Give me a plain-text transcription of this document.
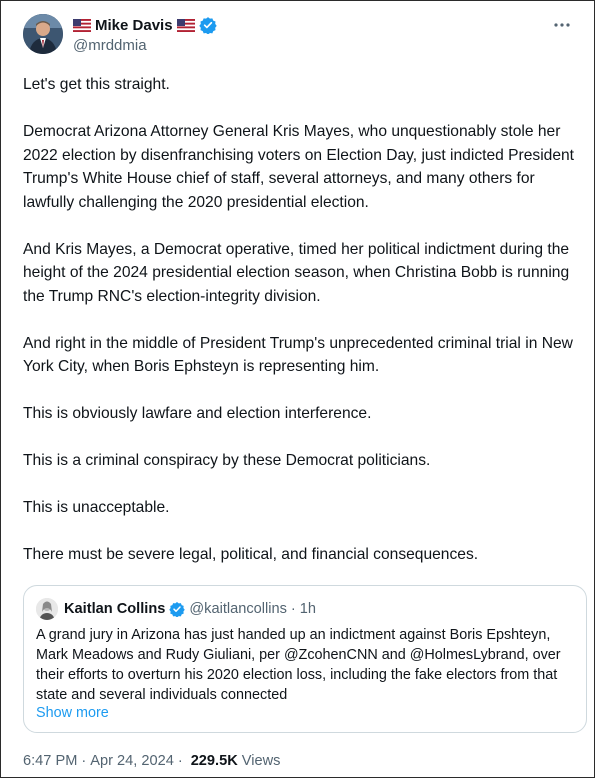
Mike Davis
@mrddmia

Let's get this straight.

Democrat Arizona Attorney General Kris Mayes, who unquestionably stole her 2022 election by disenfranchising voters on Election Day, just indicted President Trump's White House chief of staff, several attorneys, and many others for lawfully challenging the 2020 presidential election.

And Kris Mayes, a Democrat operative, timed her political indictment during the height of the 2024 presidential election season, when Christina Bobb is running the Trump RNC's election-integrity division.

And right in the middle of President Trump's unprecedented criminal trial in New York City, when Boris Ephsteyn is representing him.

This is obviously lawfare and election interference.

This is a criminal conspiracy by these Democrat politicians.

This is unacceptable.

There must be severe legal, political, and financial consequences.

Kaitlan Collins @kaitlancollins · 1h
A grand jury in Arizona has just handed up an indictment against Boris Epshteyn, Mark Meadows and Rudy Giuliani, per @ZcohenCNN and @HolmesLybrand, over their efforts to overturn his 2020 election loss, including the fake electors from that state and several individuals connected
Show more
6:47 PM · Apr 24, 2024 · 229.5K Views
